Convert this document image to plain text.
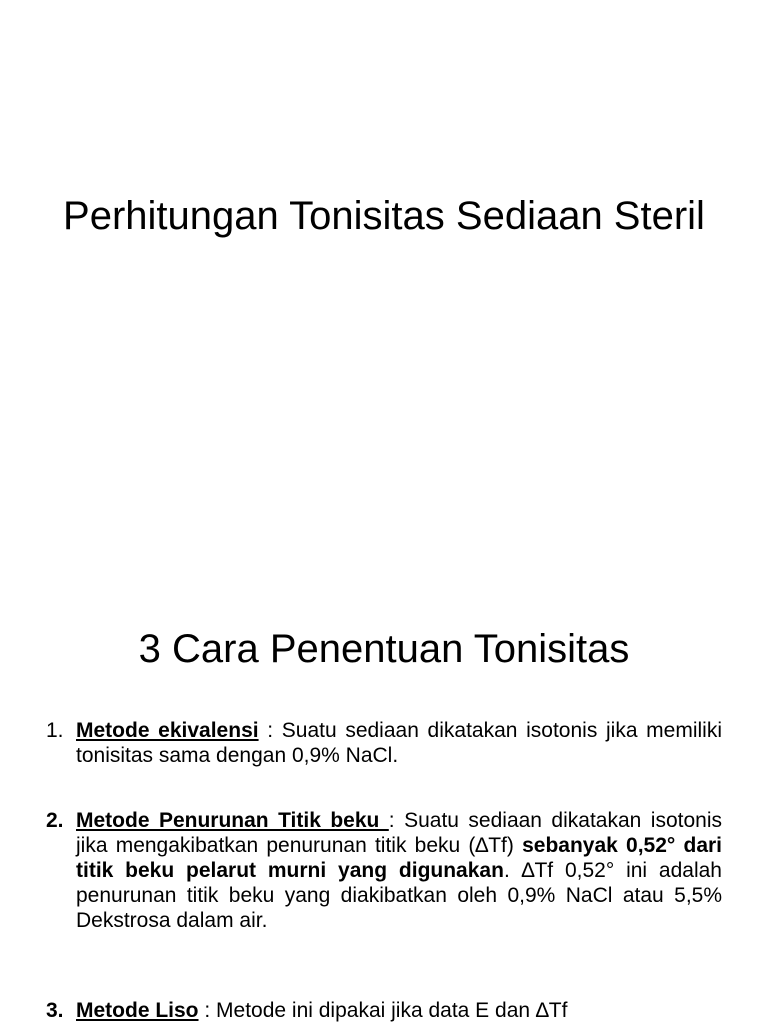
Perhitungan Tonisitas Sediaan Steril
3 Cara Penentuan Tonisitas
1. Metode ekivalensi : Suatu sediaan dikatakan isotonis jika memiliki tonisitas sama dengan 0,9% NaCl.
2. Metode Penurunan Titik beku : Suatu sediaan dikatakan isotonis jika mengakibatkan penurunan titik beku (∆Tf) sebanyak 0,52° dari titik beku pelarut murni yang digunakan. ∆Tf 0,52° ini adalah penurunan titik beku yang diakibatkan oleh 0,9% NaCl atau 5,5% Dekstrosa dalam air.
3. Metode Liso : Metode ini dipakai jika data E dan ∆Tf
